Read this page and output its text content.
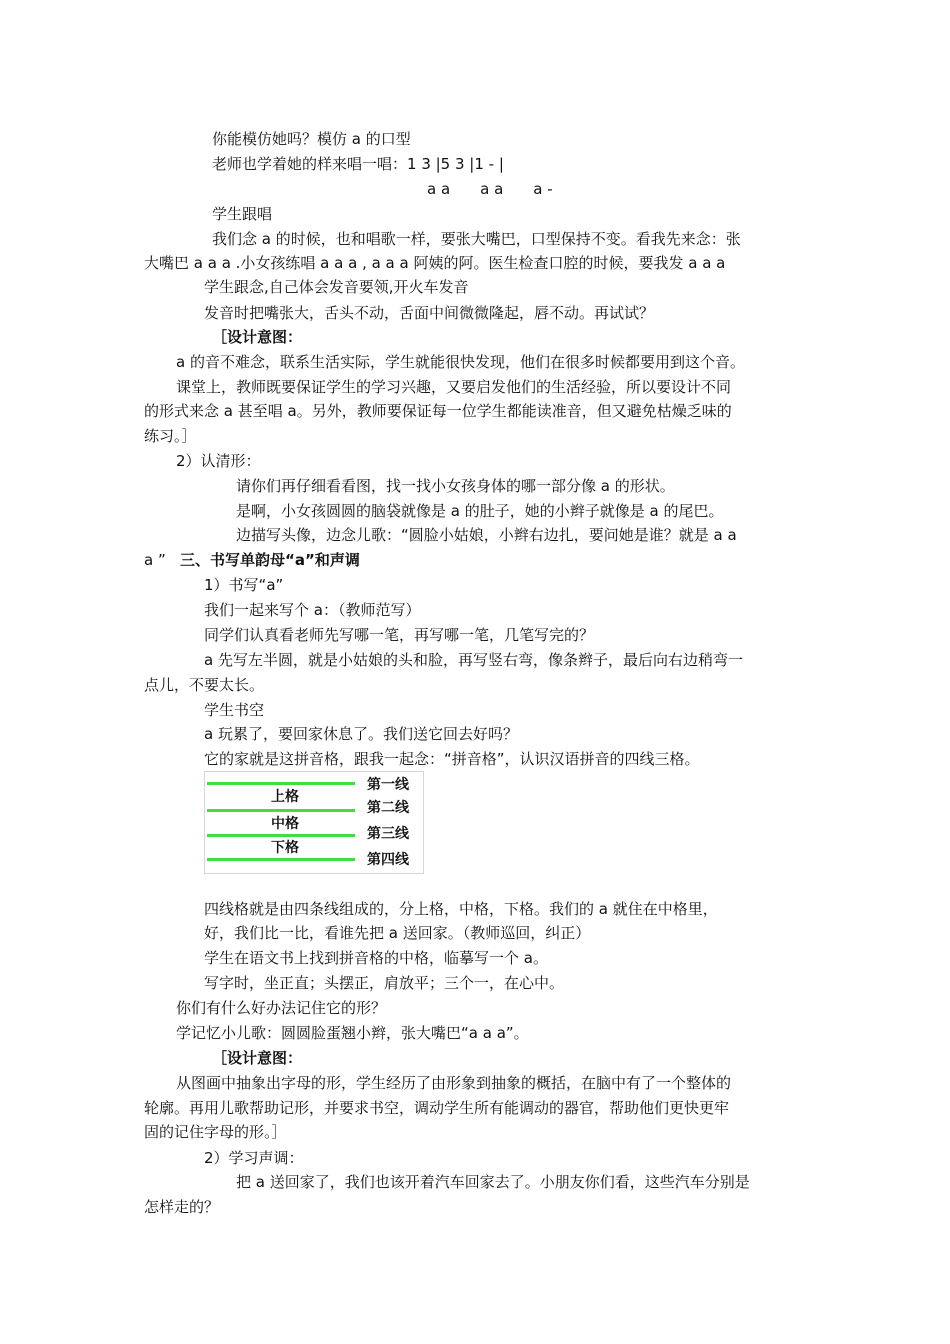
你能模仿她吗？模仿 a 的口型
老师也学着她的样来唱一唱：1 3 |5 3 |1 - |
a a　　a a　　a -
学生跟唱
我们念 a 的时候，也和唱歌一样，要张大嘴巴，口型保持不变。看我先来念：张
大嘴巴 a a a .小女孩练唱 a a a , a a a 阿姨的阿。医生检查口腔的时候，要我发 a a a
学生跟念,自己体会发音要领,开火车发音
发音时把嘴张大，舌头不动，舌面中间微微隆起，唇不动。再试试？
［设计意图：
a 的音不难念，联系生活实际，学生就能很快发现，他们在很多时候都要用到这个音。
课堂上，教师既要保证学生的学习兴趣，又要启发他们的生活经验，所以要设计不同
的形式来念 a 甚至唱 a。另外，教师要保证每一位学生都能读准音，但又避免枯燥乏味的
练习。］
2）认清形：
请你们再仔细看看图，找一找小女孩身体的哪一部分像 a 的形状。
是啊，小女孩圆圆的脑袋就像是 a 的肚子，她的小辫子就像是 a 的尾巴。
边描写头像，边念儿歌：“圆脸小姑娘，小辫右边扎，要问她是谁？就是 a a
a ” 三、书写单韵母“a”和声调
1）书写“a”
我们一起来写个 a：（教师范写）
同学们认真看老师先写哪一笔，再写哪一笔，几笔写完的？
a 先写左半圆，就是小姑娘的头和脸，再写竖右弯，像条辫子，最后向右边稍弯一
点儿，不要太长。
学生书空
a 玩累了，要回家休息了。我们送它回去好吗？
它的家就是这拼音格，跟我一起念：“拼音格”，认识汉语拼音的四线三格。
上格
中格
下格
第一线
第二线
第三线
第四线
四线格就是由四条线组成的，分上格，中格，下格。我们的 a 就住在中格里，
好，我们比一比，看谁先把 a 送回家。（教师巡回，纠正）
学生在语文书上找到拼音格的中格，临摹写一个 a。
写字时，坐正直；头摆正，肩放平；三个一，在心中。
你们有什么好办法记住它的形？
学记忆小儿歌：圆圆脸蛋翘小辫，张大嘴巴“a a a”。
［设计意图：
从图画中抽象出字母的形，学生经历了由形象到抽象的概括，在脑中有了一个整体的
轮廓。再用儿歌帮助记形，并要求书空，调动学生所有能调动的器官，帮助他们更快更牢
固的记住字母的形。］
2）学习声调：
把 a 送回家了，我们也该开着汽车回家去了。小朋友你们看，这些汽车分别是
怎样走的？
